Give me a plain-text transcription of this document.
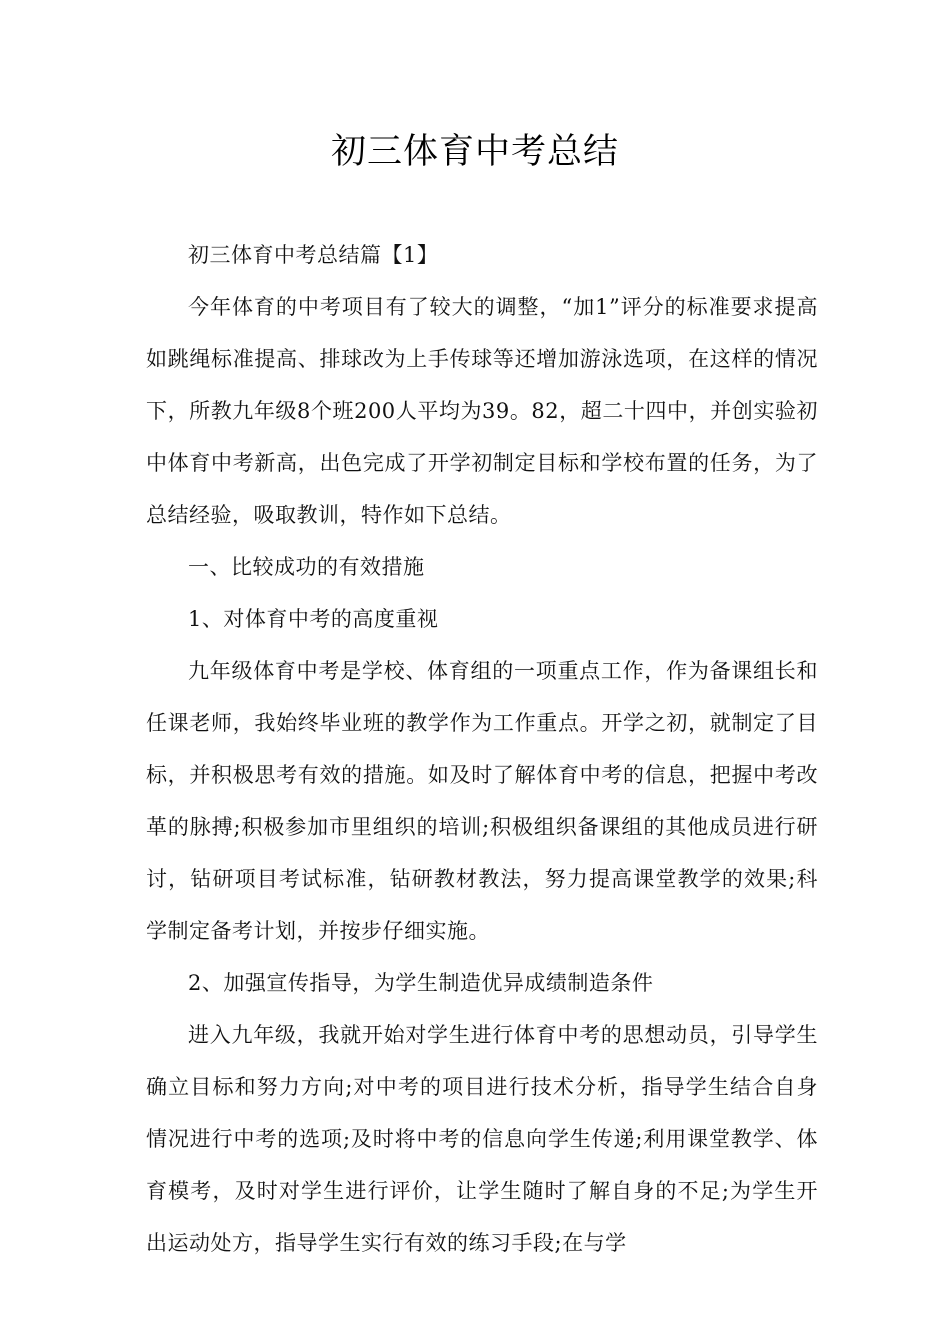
初三体育中考总结

初三体育中考总结篇【1】

今年体育的中考项目有了较大的调整，“加1”评分的标准要求提高如跳绳标准提高、排球改为上手传球等还增加游泳选项，在这样的情况下，所教九年级8个班200人平均为39。82，超二十四中，并创实验初中体育中考新高，出色完成了开学初制定目标和学校布置的任务，为了总结经验，吸取教训，特作如下总结。

一、比较成功的有效措施

1、对体育中考的高度重视

九年级体育中考是学校、体育组的一项重点工作，作为备课组长和任课老师，我始终毕业班的教学作为工作重点。开学之初，就制定了目标，并积极思考有效的措施。如及时了解体育中考的信息，把握中考改革的脉搏;积极参加市里组织的培训;积极组织备课组的其他成员进行研讨，钻研项目考试标准，钻研教材教法，努力提高课堂教学的效果;科学制定备考计划，并按步仔细实施。

2、加强宣传指导，为学生制造优异成绩制造条件

进入九年级，我就开始对学生进行体育中考的思想动员，引导学生确立目标和努力方向;对中考的项目进行技术分析，指导学生结合自身情况进行中考的选项;及时将中考的信息向学生传递;利用课堂教学、体育模考，及时对学生进行评价，让学生随时了解自身的不足;为学生开出运动处方，指导学生实行有效的练习手段;在与学
